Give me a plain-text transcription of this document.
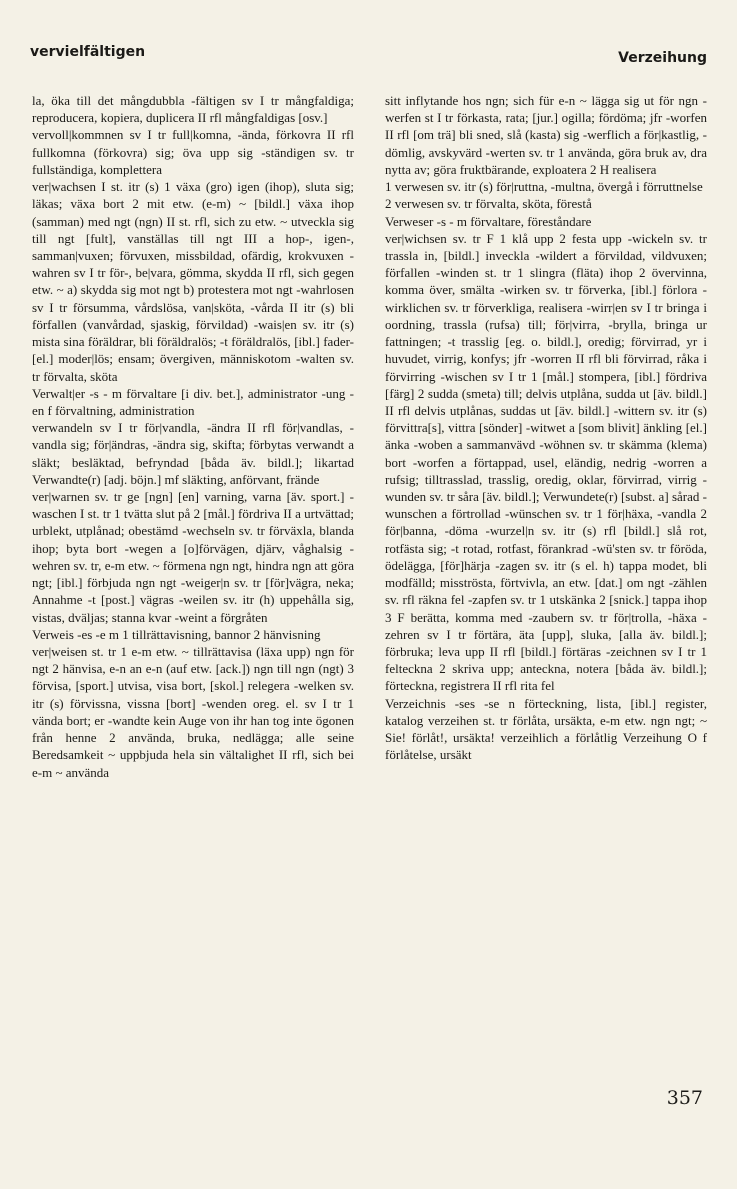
vervielfältigen	Verzeihung

la, öka till det mångdubbla -fältigen sv I tr mångfaldiga; reproducera, kopiera, duplicera II rfl mångfaldigas [osv.]

vervoll|kommnen sv I tr full|komna, -ända, förkovra II rfl fullkomna (förkovra) sig; öva upp sig -ständigen sv. tr fullständiga, komplettera

ver|wachsen I st. itr (s) 1 växa (gro) igen (ihop), sluta sig; läkas; växa bort 2 mit etw. (e-m) ~ [bildl.] växa ihop (samman) med ngt (ngn) II st. rfl, sich zu etw. ~ utveckla sig till ngt [fult], vanställas till ngt III a hop-, igen-, samman|vuxen; förvuxen, missbildad, ofärdig, krokvuxen -wahren sv I tr för-, be|vara, gömma, skydda II rfl, sich gegen etw. ~ a) skydda sig mot ngt b) protestera mot ngt -wahrlosen sv I tr försumma, vårdslösa, van|sköta, -vårda II itr (s) bli förfallen (vanvårdad, sjaskig, förvildad) -wais|en sv. itr (s) mista sina föräldrar, bli föräldralös; -t föräldralös, [ibl.] fader- [el.] moder|lös; ensam; övergiven, människotom -walten sv. tr förvalta, sköta

Verwalt|er -s - m förvaltare [i div. bet.], administrator -ung -en f förvaltning, administration

verwandeln sv I tr för|vandla, -ändra II rfl för|vandlas, -vandla sig; för|ändras, -ändra sig, skifta; förbytas verwandt a släkt; besläktad, befryndad [båda äv. bildl.]; likartad Verwandte(r) [adj. böjn.] mf släkting, anförvant, frände

ver|warnen sv. tr ge [ngn] [en] varning, varna [äv. sport.] -waschen I st. tr 1 tvätta slut på 2 [mål.] fördriva II a urtvättad; urblekt, utplånad; obestämd -wechseln sv. tr förväxla, blanda ihop; byta bort -wegen a [o]förvägen, djärv, våghalsig -wehren sv. tr, e-m etw. ~ förmena ngn ngt, hindra ngn att göra ngt; [ibl.] förbjuda ngn ngt -weiger|n sv. tr [för]vägra, neka; Annahme -t [post.] vägras -weilen sv. itr (h) uppehålla sig, vistas, dväljas; stanna kvar -weint a förgråten

Verweis -es -e m 1 tillrättavisning, bannor 2 hänvisning

ver|weisen st. tr 1 e-m etw. ~ tillrättavisa (läxa upp) ngn för ngt 2 hänvisa, e-n an e-n (auf etw. [ack.]) ngn till ngn (ngt) 3 förvisa, [sport.] utvisa, visa bort, [skol.] relegera -welken sv. itr (s) förvissna, vissna [bort] -wenden oreg. el. sv I tr 1 vända bort; er -wandte kein Auge von ihr han tog inte ögonen från henne 2 använda, bruka, nedlägga; alle seine Beredsamkeit ~ uppbjuda hela sin vältalighet II rfl, sich bei e-m ~ använda

sitt inflytande hos ngn; sich für e-n ~ lägga sig ut för ngn -werfen st I tr förkasta, rata; [jur.] ogilla; fördöma; jfr -worfen II rfl [om trä] bli sned, slå (kasta) sig -werflich a för|kastlig, -dömlig, avskyvärd -werten sv. tr 1 använda, göra bruk av, dra nytta av; göra fruktbärande, exploatera 2 H realisera

1 verwesen sv. itr (s) för|ruttna, -multna, övergå i förruttnelse

2 verwesen sv. tr förvalta, sköta, förestå

Verweser -s - m förvaltare, föreståndare

ver|wichsen sv. tr F 1 klå upp 2 festa upp -wickeln sv. tr trassla in, [bildl.] inveckla -wildert a förvildad, vildvuxen; förfallen -winden st. tr 1 slingra (fläta) ihop 2 övervinna, komma över, smälta -wirken sv. tr förverka, [ibl.] förlora -wirklichen sv. tr förverkliga, realisera -wirr|en sv I tr bringa i oordning, trassla (rufsa) till; för|virra, -brylla, bringa ur fattningen; -t trasslig [eg. o. bildl.], oredig; förvirrad, yr i huvudet, virrig, konfys; jfr -worren II rfl bli förvirrad, råka i förvirring -wischen sv I tr 1 [mål.] stompera, [ibl.] fördriva [färg] 2 sudda (smeta) till; delvis utplåna, sudda ut [äv. bildl.] II rfl delvis utplånas, suddas ut [äv. bildl.] -wittern sv. itr (s) förvittra[s], vittra [sönder] -witwet a [som blivit] änkling [el.] änka -woben a sammanvävd -wöhnen sv. tr skämma (klema) bort -worfen a förtappad, usel, eländig, nedrig -worren a rufsig; tilltrasslad, trasslig, oredig, oklar, förvirrad, virrig -wunden sv. tr såra [äv. bildl.]; Verwundete(r) [subst. a] sårad -wunschen a förtrollad -wünschen sv. tr 1 för|häxa, -vandla 2 för|banna, -döma -wurzel|n sv. itr (s) rfl [bildl.] slå rot, rotfästa sig; -t rotad, rotfast, förankrad -wü'sten sv. tr föröda, ödelägga, [för]härja -zagen sv. itr (s el. h) tappa modet, bli modfälld; misströsta, förtvivla, an etw. [dat.] om ngt -zählen sv. rfl räkna fel -zapfen sv. tr 1 utskänka 2 [snick.] tappa ihop 3 F berätta, komma med -zaubern sv. tr för|trolla, -häxa -zehren sv I tr förtära, äta [upp], sluka, [alla äv. bildl.]; förbruka; leva upp II rfl [bildl.] förtäras -zeichnen sv I tr 1 felteckna 2 skriva upp; anteckna, notera [båda äv. bildl.]; förteckna, registrera II rfl rita fel

Verzeichnis -ses -se n förteckning, lista, [ibl.] register, katalog verzeihen st. tr förlåta, ursäkta, e-m etw. ngn ngt; ~ Sie! förlåt!, ursäkta! verzeihlich a förlåtlig Verzeihung O f förlåtelse, ursäkt

357
